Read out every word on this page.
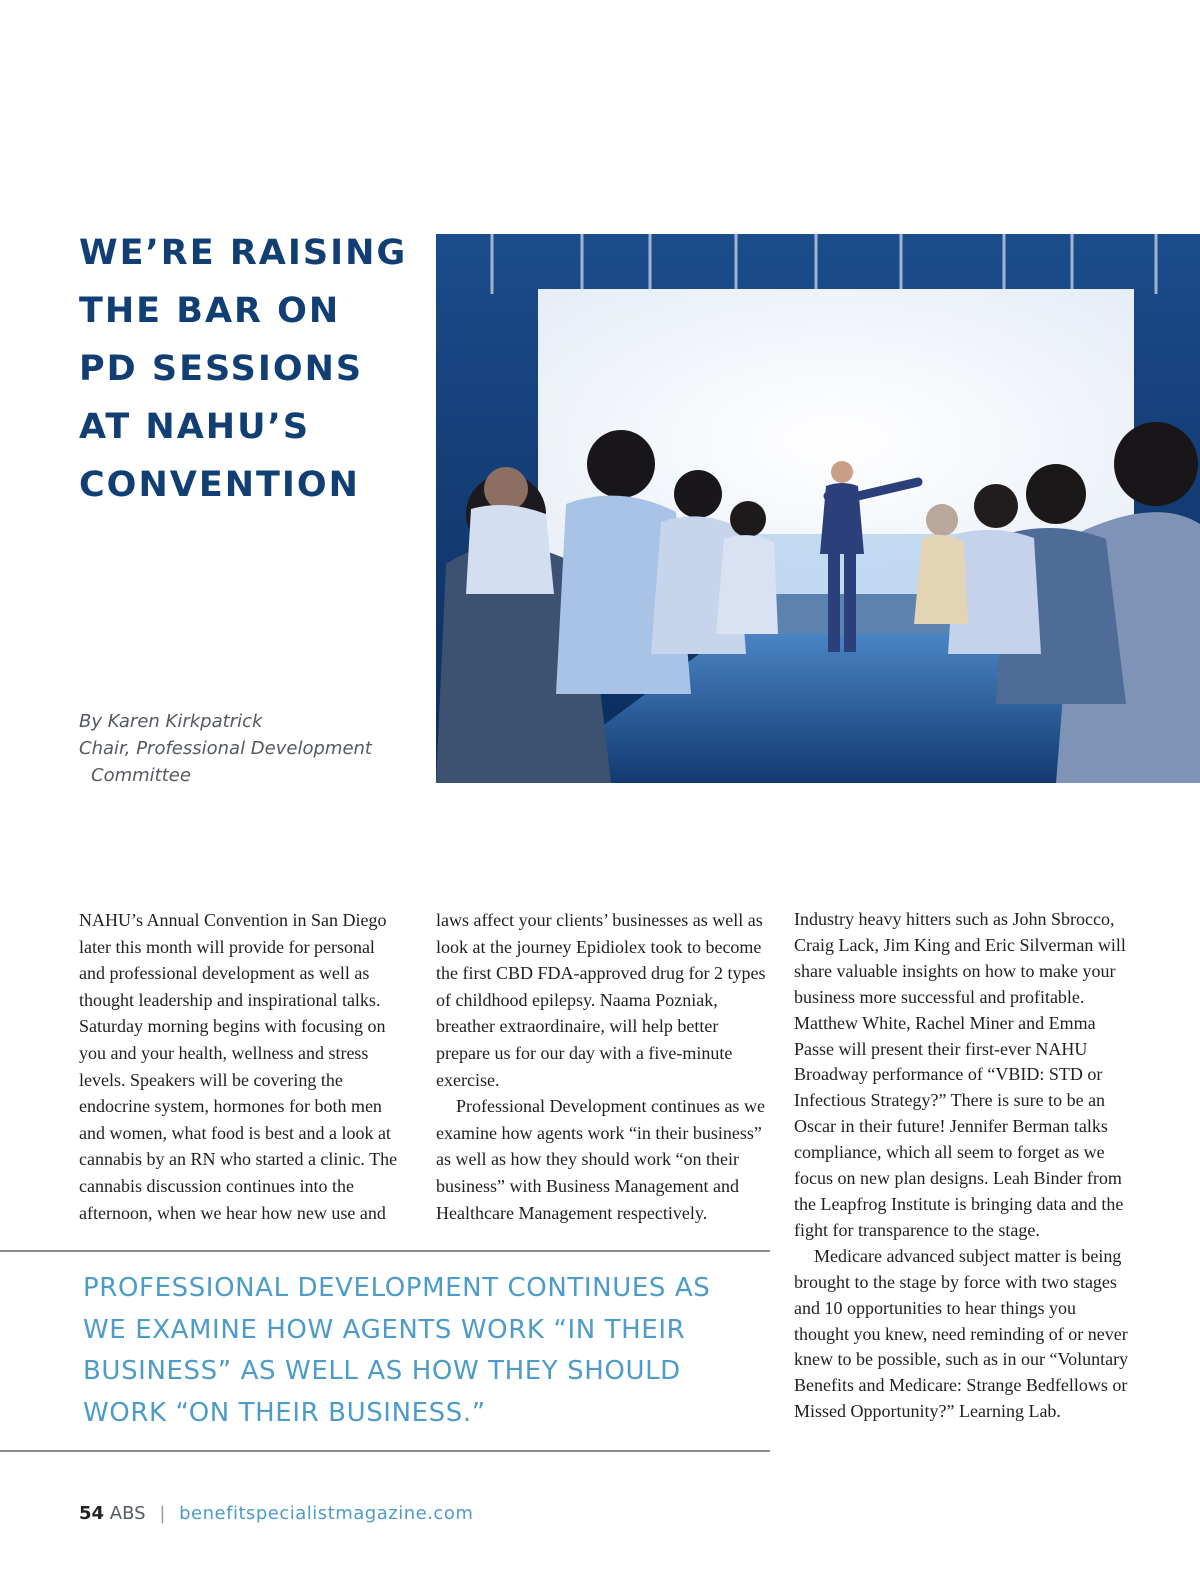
WE’RE RAISING
THE BAR ON
PD SESSIONS
AT NAHU’S
CONVENTION
By Karen Kirkpatrick
Chair, Professional Development
Committee

NAHU’s Annual Convention in San Diego later this month will provide for personal and professional development as well as thought leadership and inspirational talks. Saturday morning begins with focusing on you and your health, wellness and stress levels. Speakers will be covering the endocrine system, hormones for both men and women, what food is best and a look at cannabis by an RN who started a clinic. The cannabis discussion continues into the afternoon, when we hear how new use and

laws affect your clients’ businesses as well as look at the journey Epidiolex took to become the first CBD FDA-approved drug for 2 types of childhood epilepsy. Naama Pozniak, breather extraordinaire, will help better prepare us for our day with a five-minute exercise.

Professional Development continues as we examine how agents work “in their business” as well as how they should work “on their business” with Business Management and Healthcare Management respectively.

Industry heavy hitters such as John Sbrocco, Craig Lack, Jim King and Eric Silverman will share valuable insights on how to make your business more successful and profitable. Matthew White, Rachel Miner and Emma Passe will present their first-ever NAHU Broadway performance of “VBID: STD or Infectious Strategy?” There is sure to be an Oscar in their future! Jennifer Berman talks compliance, which all seem to forget as we focus on new plan designs. Leah Binder from the Leapfrog Institute is bringing data and the fight for transparence to the stage.

Medicare advanced subject matter is being brought to the stage by force with two stages and 10 opportunities to hear things you thought you knew, need reminding of or never knew to be possible, such as in our “Voluntary Benefits and Medicare: Strange Bedfellows or Missed Opportunity?” Learning Lab.

PROFESSIONAL DEVELOPMENT CONTINUES AS
WE EXAMINE HOW AGENTS WORK “IN THEIR
BUSINESS” AS WELL AS HOW THEY SHOULD
WORK “ON THEIR BUSINESS.”
54 ABS | benefitspecialistmagazine.com
